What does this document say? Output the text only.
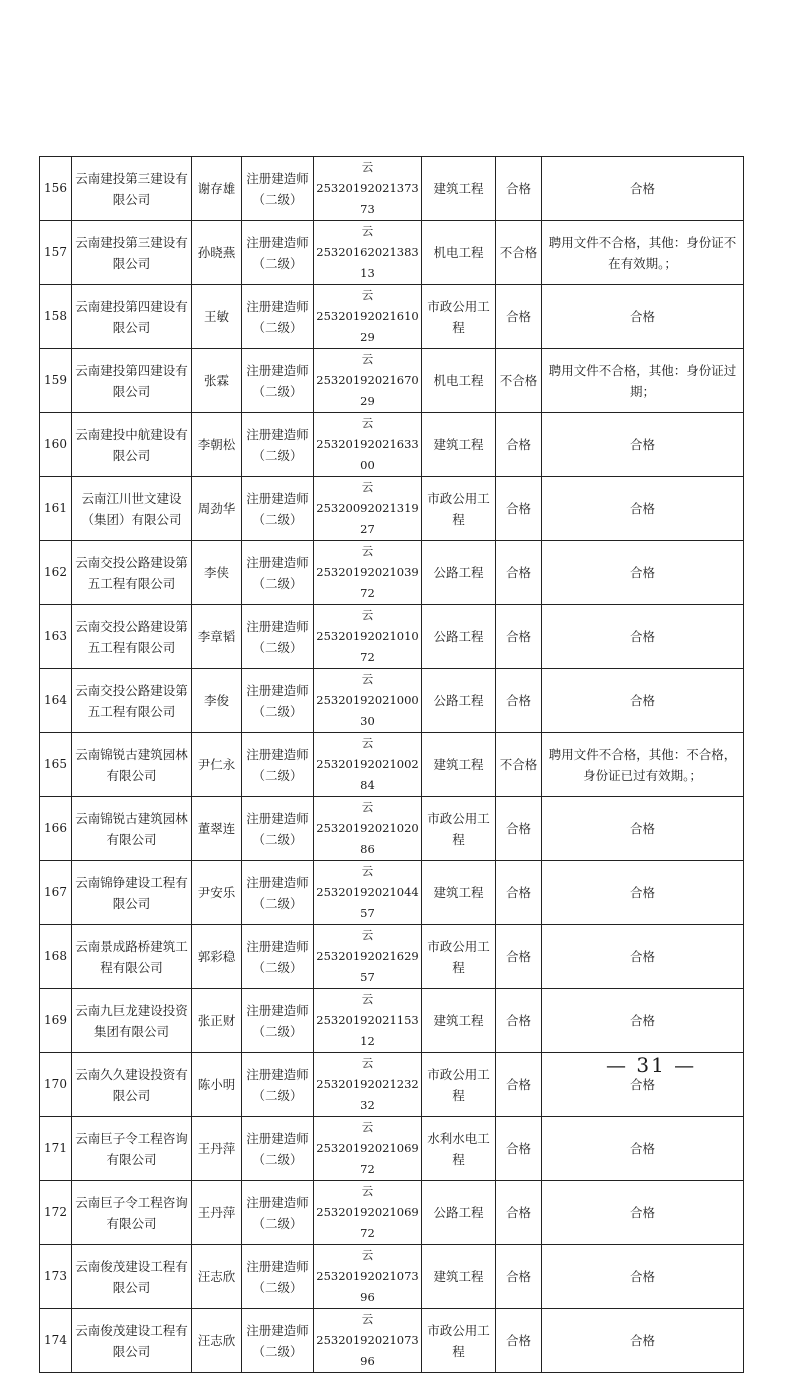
156	云南建投第三建设有限公司	谢存雄	注册建造师（二级）	云
2532019202137373	建筑工程	合格	合格
157	云南建投第三建设有限公司	孙晓燕	注册建造师（二级）	云
2532016202138313	机电工程	不合格	聘用文件不合格，其他：身份证不在有效期。；
158	云南建投第四建设有限公司	王敏	注册建造师（二级）	云
2532019202161029	市政公用工程	合格	合格
159	云南建投第四建设有限公司	张霖	注册建造师（二级）	云
2532019202167029	机电工程	不合格	聘用文件不合格，其他：身份证过期；
160	云南建投中航建设有限公司	李朝松	注册建造师（二级）	云
2532019202163300	建筑工程	合格	合格
161	云南江川世文建设（集团）有限公司	周劲华	注册建造师（二级）	云
2532009202131927	市政公用工程	合格	合格
162	云南交投公路建设第五工程有限公司	李侠	注册建造师（二级）	云
2532019202103972	公路工程	合格	合格
163	云南交投公路建设第五工程有限公司	李章韬	注册建造师（二级）	云
2532019202101072	公路工程	合格	合格
164	云南交投公路建设第五工程有限公司	李俊	注册建造师（二级）	云
2532019202100030	公路工程	合格	合格
165	云南锦锐古建筑园林有限公司	尹仁永	注册建造师（二级）	云
2532019202100284	建筑工程	不合格	聘用文件不合格，其他：不合格，身份证已过有效期。；
166	云南锦锐古建筑园林有限公司	董翠连	注册建造师（二级）	云
2532019202102086	市政公用工程	合格	合格
167	云南锦铮建设工程有限公司	尹安乐	注册建造师（二级）	云
2532019202104457	建筑工程	合格	合格
168	云南景成路桥建筑工程有限公司	郭彩稳	注册建造师（二级）	云
2532019202162957	市政公用工程	合格	合格
169	云南九巨龙建设投资集团有限公司	张正财	注册建造师（二级）	云
2532019202115312	建筑工程	合格	合格
170	云南久久建设投资有限公司	陈小明	注册建造师（二级）	云
2532019202123232	市政公用工程	合格	合格
171	云南巨子令工程咨询有限公司	王丹萍	注册建造师（二级）	云
2532019202106972	水利水电工程	合格	合格
172	云南巨子令工程咨询有限公司	王丹萍	注册建造师（二级）	云
2532019202106972	公路工程	合格	合格
173	云南俊茂建设工程有限公司	汪志欣	注册建造师（二级）	云
2532019202107396	建筑工程	合格	合格
174	云南俊茂建设工程有限公司	汪志欣	注册建造师（二级）	云
2532019202107396	市政公用工程	合格	合格
— 31 —
